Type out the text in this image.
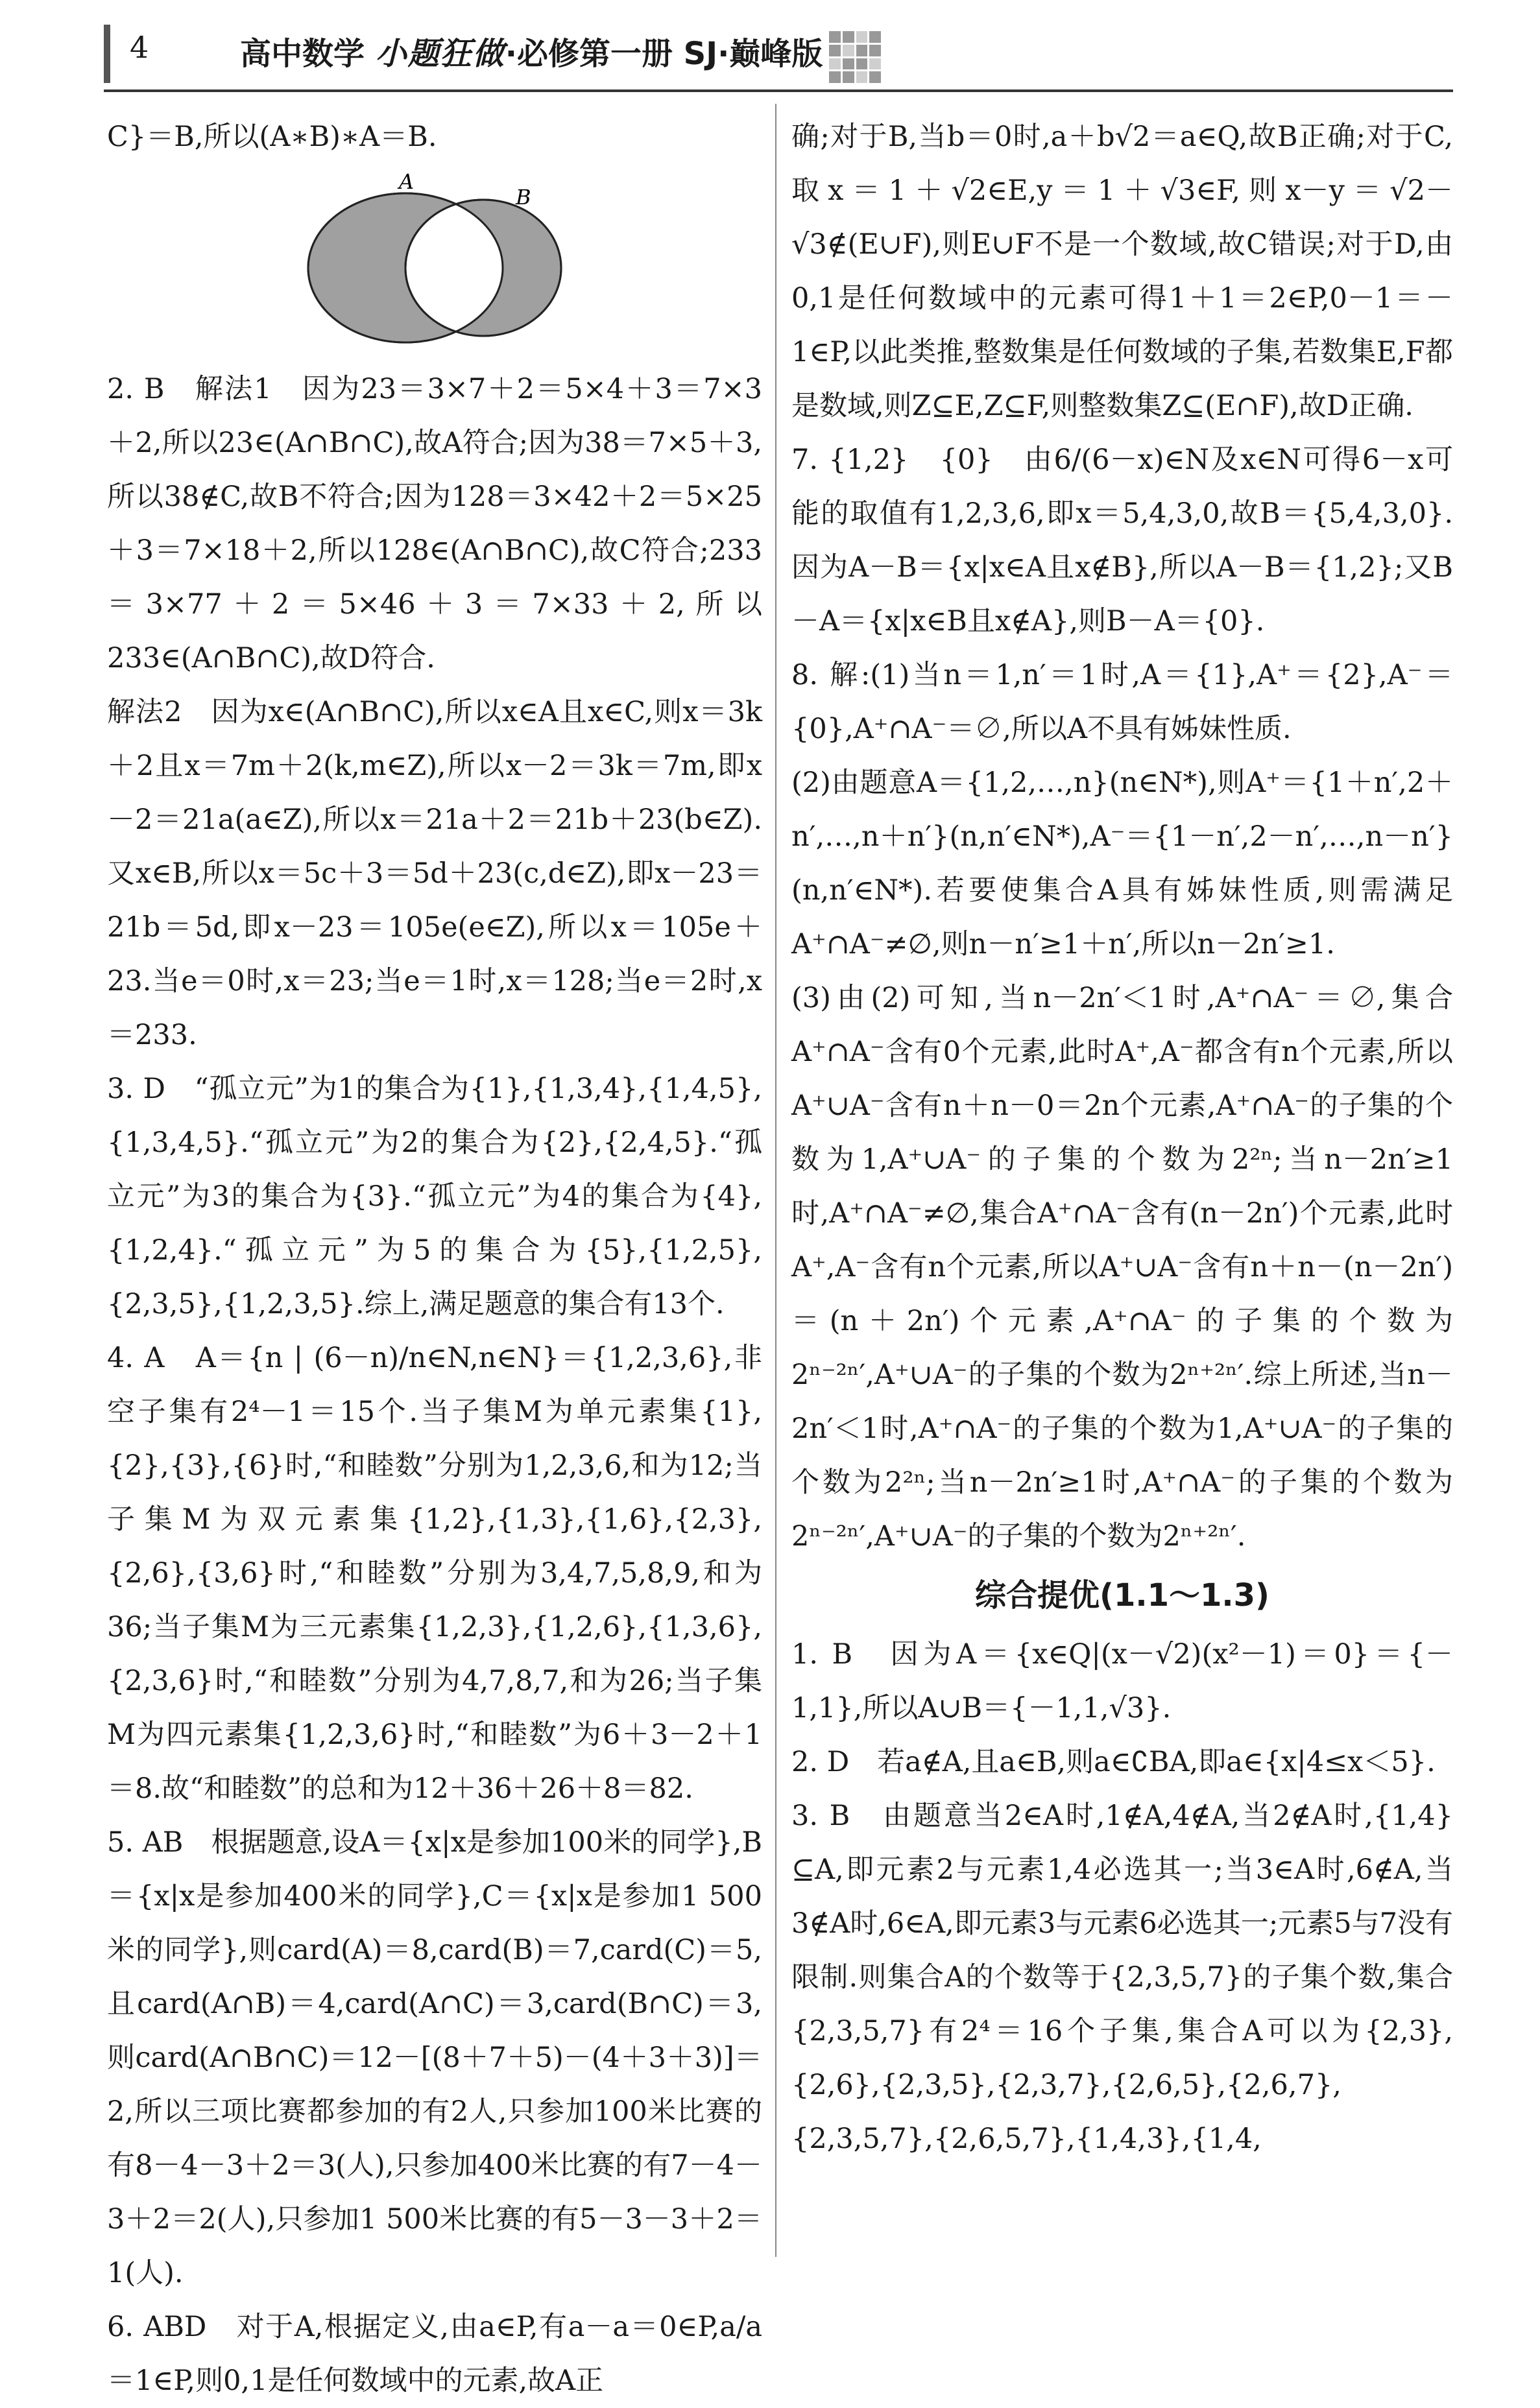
4	高中数学 小题狂做·必修第一册 SJ·巅峰版

C}＝B,所以(A∗B)∗A＝B.

A
B

2. B　解法1　因为23＝3×7＋2＝5×4＋3＝7×3＋2,所以23∈(A∩B∩C),故A符合;因为38＝7×5＋3,所以38∉C,故B不符合;因为128＝3×42＋2＝5×25＋3＝7×18＋2,所以128∈(A∩B∩C),故C符合;233＝3×77＋2＝5×46＋3＝7×33＋2,所以233∈(A∩B∩C),故D符合.

解法2　因为x∈(A∩B∩C),所以x∈A且x∈C,则x＝3k＋2且x＝7m＋2(k,m∈Z),所以x－2＝3k＝7m,即x－2＝21a(a∈Z),所以x＝21a＋2＝21b＋23(b∈Z).又x∈B,所以x＝5c＋3＝5d＋23(c,d∈Z),即x－23＝21b＝5d,即x－23＝105e(e∈Z),所以x＝105e＋23.当e＝0时,x＝23;当e＝1时,x＝128;当e＝2时,x＝233.

3. D　“孤立元”为1的集合为{1},{1,3,4},{1,4,5},{1,3,4,5}.“孤立元”为2的集合为{2},{2,4,5}.“孤立元”为3的集合为{3}.“孤立元”为4的集合为{4},{1,2,4}.“孤立元”为5的集合为{5},{1,2,5},{2,3,5},{1,2,3,5}.综上,满足题意的集合有13个.

4. A　A＝{n | (6－n)/n∈N,n∈N}＝{1,2,3,6},非空子集有2⁴－1＝15个.当子集M为单元素集{1},{2},{3},{6}时,“和睦数”分别为1,2,3,6,和为12;当子集M为双元素集{1,2},{1,3},{1,6},{2,3},{2,6},{3,6}时,“和睦数”分别为3,4,7,5,8,9,和为36;当子集M为三元素集{1,2,3},{1,2,6},{1,3,6},{2,3,6}时,“和睦数”分别为4,7,8,7,和为26;当子集M为四元素集{1,2,3,6}时,“和睦数”为6＋3－2＋1＝8.故“和睦数”的总和为12＋36＋26＋8＝82.

5. AB　根据题意,设A＝{x|x是参加100米的同学},B＝{x|x是参加400米的同学},C＝{x|x是参加1 500米的同学},则card(A)＝8,card(B)＝7,card(C)＝5,且card(A∩B)＝4,card(A∩C)＝3,card(B∩C)＝3,则card(A∩B∩C)＝12－[(8＋7＋5)－(4＋3＋3)]＝2,所以三项比赛都参加的有2人,只参加100米比赛的有8－4－3＋2＝3(人),只参加400米比赛的有7－4－3＋2＝2(人),只参加1 500米比赛的有5－3－3＋2＝1(人).

6. ABD　对于A,根据定义,由a∈P,有a－a＝0∈P,a/a＝1∈P,则0,1是任何数域中的元素,故A正

确;对于B,当b＝0时,a＋b√2＝a∈Q,故B正确;对于C,取x＝1＋√2∈E,y＝1＋√3∈F,则x－y＝√2－√3∉(E∪F),则E∪F不是一个数域,故C错误;对于D,由0,1是任何数域中的元素可得1＋1＝2∈P,0－1＝－1∈P,以此类推,整数集是任何数域的子集,若数集E,F都是数域,则Z⊆E,Z⊆F,则整数集Z⊆(E∩F),故D正确.

7. {1,2}　{0}　由6/(6－x)∈N及x∈N可得6－x可能的取值有1,2,3,6,即x＝5,4,3,0,故B＝{5,4,3,0}.因为A－B＝{x|x∈A且x∉B},所以A－B＝{1,2};又B－A＝{x|x∈B且x∉A},则B－A＝{0}.

8. 解:(1)当n＝1,n′＝1时,A＝{1},A⁺＝{2},A⁻＝{0},A⁺∩A⁻＝∅,所以A不具有姊妹性质.

(2)由题意A＝{1,2,…,n}(n∈N*),则A⁺＝{1＋n′,2＋n′,…,n＋n′}(n,n′∈N*),A⁻＝{1－n′,2－n′,…,n－n′}(n,n′∈N*).若要使集合A具有姊妹性质,则需满足A⁺∩A⁻≠∅,则n－n′≥1＋n′,所以n－2n′≥1.

(3)由(2)可知,当n－2n′＜1时,A⁺∩A⁻＝∅,集合A⁺∩A⁻含有0个元素,此时A⁺,A⁻都含有n个元素,所以A⁺∪A⁻含有n＋n－0＝2n个元素,A⁺∩A⁻的子集的个数为1,A⁺∪A⁻的子集的个数为2²ⁿ;当n－2n′≥1时,A⁺∩A⁻≠∅,集合A⁺∩A⁻含有(n－2n′)个元素,此时A⁺,A⁻含有n个元素,所以A⁺∪A⁻含有n＋n－(n－2n′)＝(n＋2n′)个元素,A⁺∩A⁻的子集的个数为2ⁿ⁻²ⁿ′,A⁺∪A⁻的子集的个数为2ⁿ⁺²ⁿ′.综上所述,当n－2n′＜1时,A⁺∩A⁻的子集的个数为1,A⁺∪A⁻的子集的个数为2²ⁿ;当n－2n′≥1时,A⁺∩A⁻的子集的个数为2ⁿ⁻²ⁿ′,A⁺∪A⁻的子集的个数为2ⁿ⁺²ⁿ′.

综合提优(1.1～1.3)

1. B　因为A＝{x∈Q|(x－√2)(x²－1)＝0}＝{－1,1},所以A∪B＝{－1,1,√3}.

2. D　若a∉A,且a∈B,则a∈∁BA,即a∈{x|4≤x＜5}.

3. B　由题意当2∈A时,1∉A,4∉A,当2∉A时,{1,4}⊆A,即元素2与元素1,4必选其一;当3∈A时,6∉A,当3∉A时,6∈A,即元素3与元素6必选其一;元素5与7没有限制.则集合A的个数等于{2,3,5,7}的子集个数,集合{2,3,5,7}有2⁴＝16个子集,集合A可以为{2,3},{2,6},{2,3,5},{2,3,7},{2,6,5},{2,6,7},{2,3,5,7},{2,6,5,7},{1,4,3},{1,4,
